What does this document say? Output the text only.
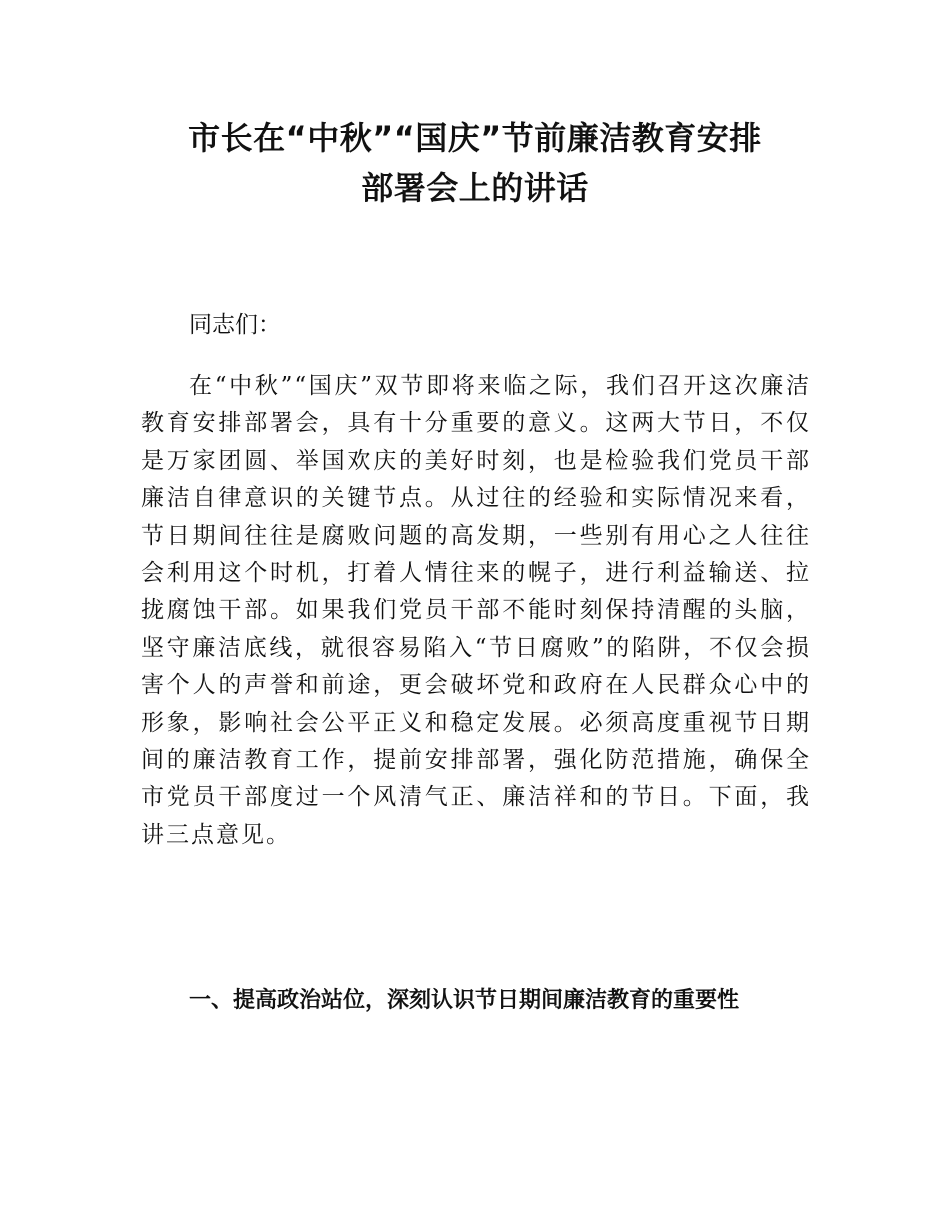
市长在“中秋”“国庆”节前廉洁教育安排
部署会上的讲话

同志们：

在“中秋”“国庆”双节即将来临之际，我们召开这次廉洁教育安排部署会，具有十分重要的意义。这两大节日，不仅是万家团圆、举国欢庆的美好时刻，也是检验我们党员干部廉洁自律意识的关键节点。从过往的经验和实际情况来看，节日期间往往是腐败问题的高发期，一些别有用心之人往往会利用这个时机，打着人情往来的幌子，进行利益输送、拉拢腐蚀干部。如果我们党员干部不能时刻保持清醒的头脑，坚守廉洁底线，就很容易陷入“节日腐败”的陷阱，不仅会损害个人的声誉和前途，更会破坏党和政府在人民群众心中的形象，影响社会公平正义和稳定发展。必须高度重视节日期间的廉洁教育工作，提前安排部署，强化防范措施，确保全市党员干部度过一个风清气正、廉洁祥和的节日。下面，我讲三点意见。

一、提高政治站位，深刻认识节日期间廉洁教育的重要性
